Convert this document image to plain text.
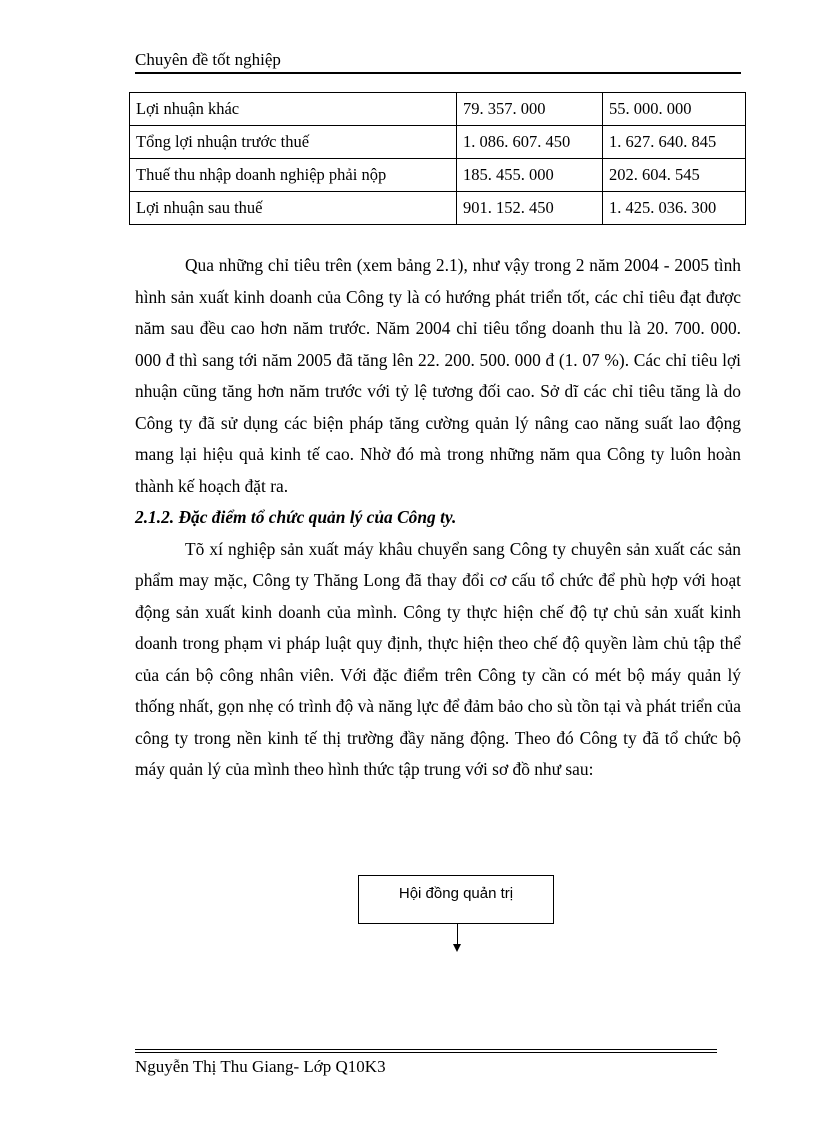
Chuyên đề tốt nghiệp
Lợi nhuận khác	79. 357. 000	55. 000. 000
Tổng lợi nhuận trước thuế	1. 086. 607. 450	1. 627. 640. 845
Thuế thu nhập doanh nghiệp phải nộp	185. 455. 000	202. 604. 545
Lợi nhuận sau thuế	901. 152. 450	1. 425. 036. 300

Qua những chỉ tiêu trên (xem bảng 2.1), như vậy trong 2 năm 2004 - 2005 tình hình sản xuất kinh doanh của Công ty là có hướng phát triển tốt, các chỉ tiêu đạt được năm sau đều cao hơn năm trước. Năm 2004 chỉ tiêu tổng doanh thu là 20. 700. 000. 000 đ thì sang tới năm 2005 đã tăng lên 22. 200. 500. 000 đ (1. 07 %). Các chỉ tiêu lợi nhuận cũng tăng hơn năm trước với tỷ lệ tương đối cao. Sở dĩ các chỉ tiêu tăng là do Công ty đã sử dụng các biện pháp tăng cường quản lý nâng cao năng suất lao động mang lại hiệu quả kinh tế cao. Nhờ đó mà trong những năm qua Công ty luôn hoàn thành kế hoạch đặt ra.

2.1.2. Đặc điểm tổ chức quản lý của Công ty.

Tõ xí nghiệp sản xuất máy khâu chuyển sang Công ty chuyên sản xuất các sản phẩm may mặc, Công ty Thăng Long đã thay đổi cơ cấu tổ chức để phù hợp với hoạt động sản xuất kinh doanh của mình. Công ty thực hiện chế độ tự chủ sản xuất kinh doanh trong phạm vi pháp luật quy định, thực hiện theo chế độ quyền làm chủ tập thể của cán bộ công nhân viên. Với đặc điểm trên Công ty cần có mét bộ máy quản lý thống nhất, gọn nhẹ có trình độ và năng lực để đảm bảo cho sù tồn tại và phát triển của công ty trong nền kinh tế thị trường đầy năng động. Theo đó Công ty đã tổ chức bộ máy quản lý của mình theo hình thức tập trung với sơ đồ như sau:

Hội đồng quản trị
Nguyễn Thị Thu Giang- Lớp Q10K3
